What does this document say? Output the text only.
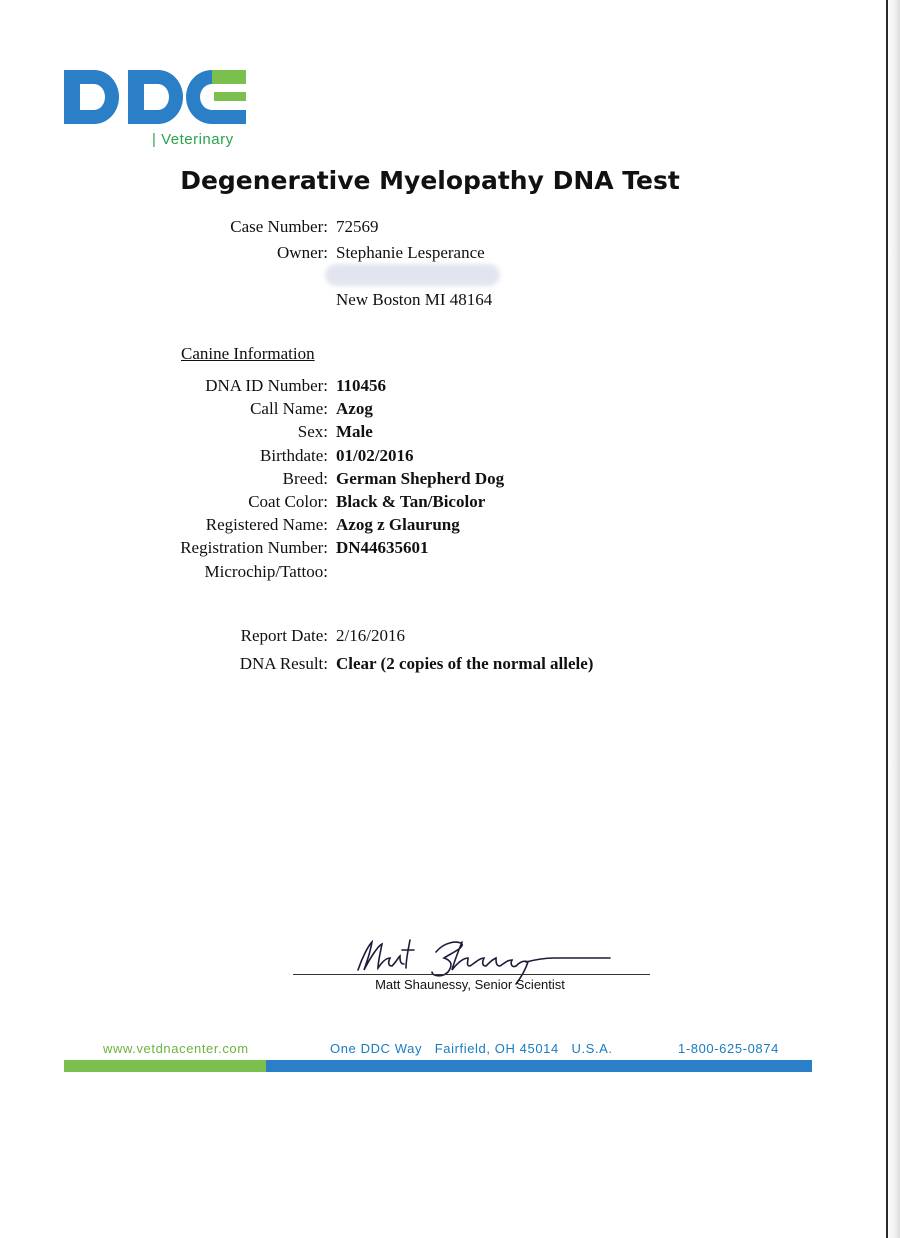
| Veterinary
Degenerative Myelopathy DNA Test
Case Number: 72569
Owner: Stephanie Lesperance
New Boston MI 48164
Canine Information
DNA ID Number: 110456
Call Name: Azog
Sex: Male
Birthdate: 01/02/2016
Breed: German Shepherd Dog
Coat Color: Black & Tan/Bicolor
Registered Name: Azog z Glaurung
Registration Number: DN44635601
Microchip/Tattoo:
Report Date: 2/16/2016
DNA Result: Clear (2 copies of the normal allele)
Matt Shaunessy, Senior Scientist
www.vetdnacenter.com	One DDC Way   Fairfield, OH 45014   U.S.A.	1-800-625-0874
